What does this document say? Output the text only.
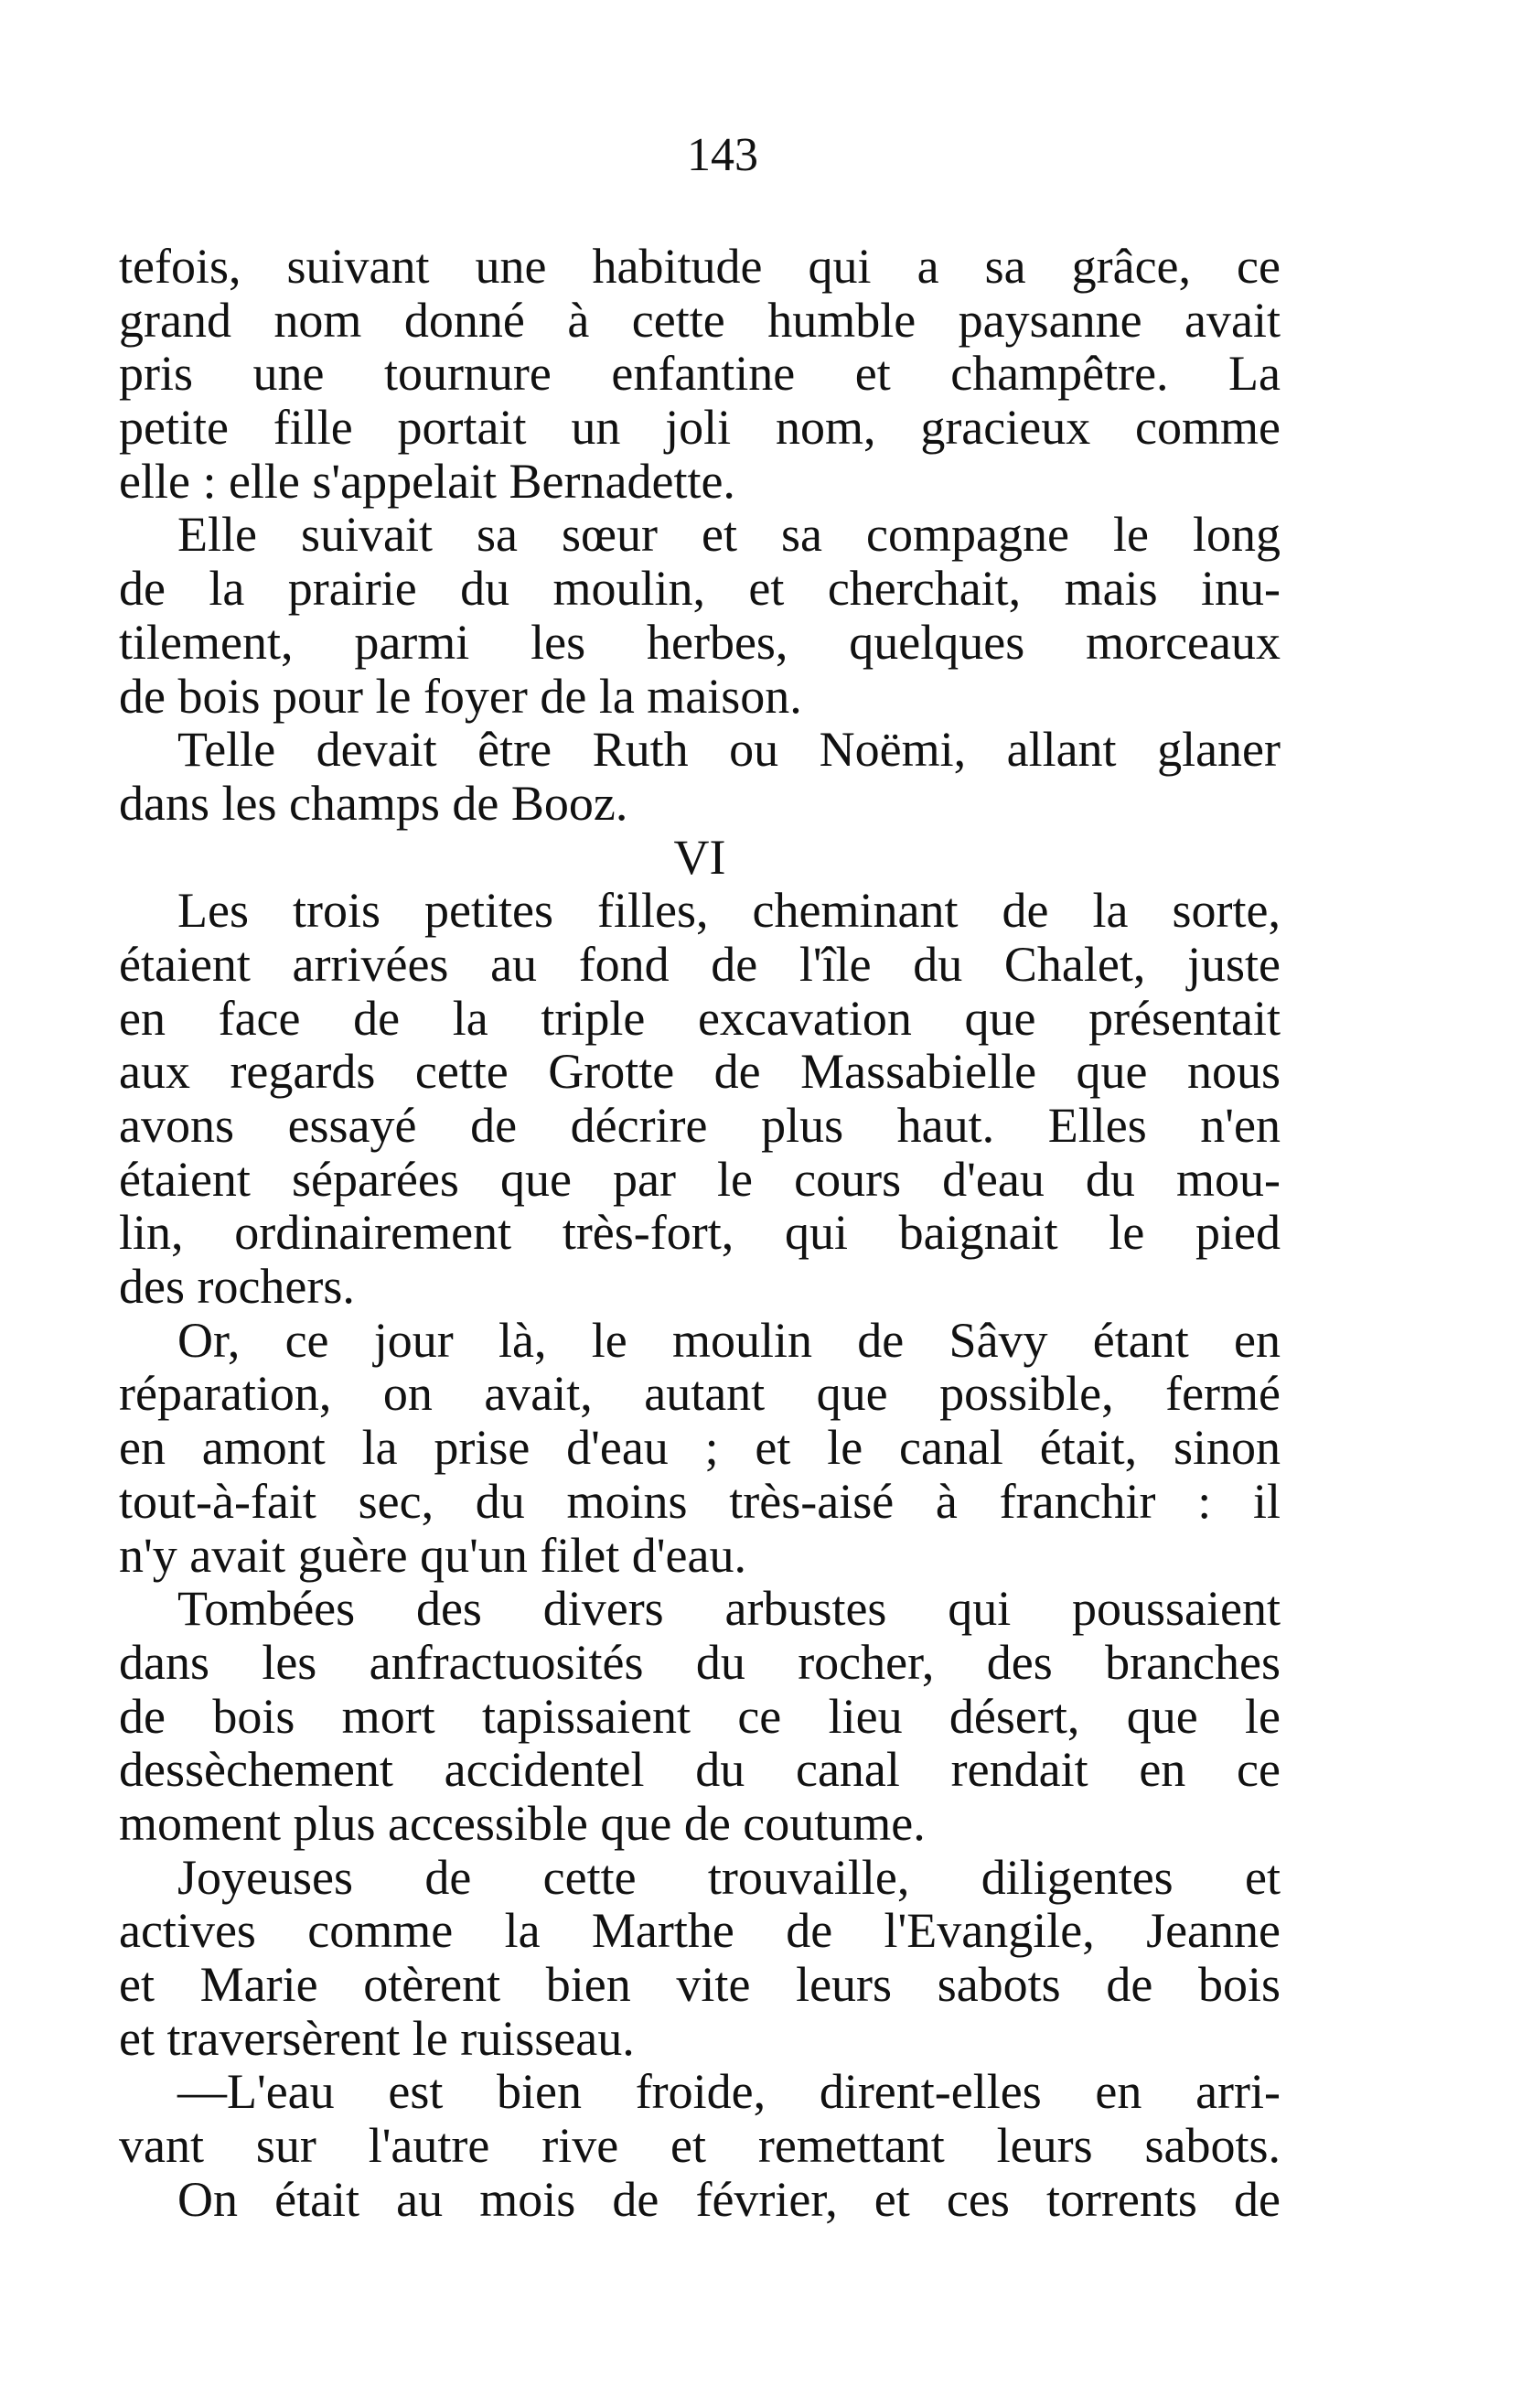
143
tefois, suivant une habitude qui a sa grâce, ce
grand nom donné à cette humble paysanne avait
pris une tournure enfantine et champêtre. La
petite fille portait un joli nom, gracieux comme
elle : elle s'appelait Bernadette.
Elle suivait sa sœur et sa compagne le long
de la prairie du moulin, et cherchait, mais inu-
tilement, parmi les herbes, quelques morceaux
de bois pour le foyer de la maison.
Telle devait être Ruth ou Noëmi, allant glaner
dans les champs de Booz.
VI
Les trois petites filles, cheminant de la sorte,
étaient arrivées au fond de l'île du Chalet, juste
en face de la triple excavation que présentait
aux regards cette Grotte de Massabielle que nous
avons essayé de décrire plus haut. Elles n'en
étaient séparées que par le cours d'eau du mou-
lin, ordinairement très-fort, qui baignait le pied
des rochers.
Or, ce jour là, le moulin de Sâvy étant en
réparation, on avait, autant que possible, fermé
en amont la prise d'eau ; et le canal était, sinon
tout-à-fait sec, du moins très-aisé à franchir : il
n'y avait guère qu'un filet d'eau.
Tombées des divers arbustes qui poussaient
dans les anfractuosités du rocher, des branches
de bois mort tapissaient ce lieu désert, que le
dessèchement accidentel du canal rendait en ce
moment plus accessible que de coutume.
Joyeuses de cette trouvaille, diligentes et
actives comme la Marthe de l'Evangile, Jeanne
et Marie otèrent bien vite leurs sabots de bois
et traversèrent le ruisseau.
—L'eau est bien froide, dirent-elles en arri-
vant sur l'autre rive et remettant leurs sabots.
On était au mois de février, et ces torrents de
